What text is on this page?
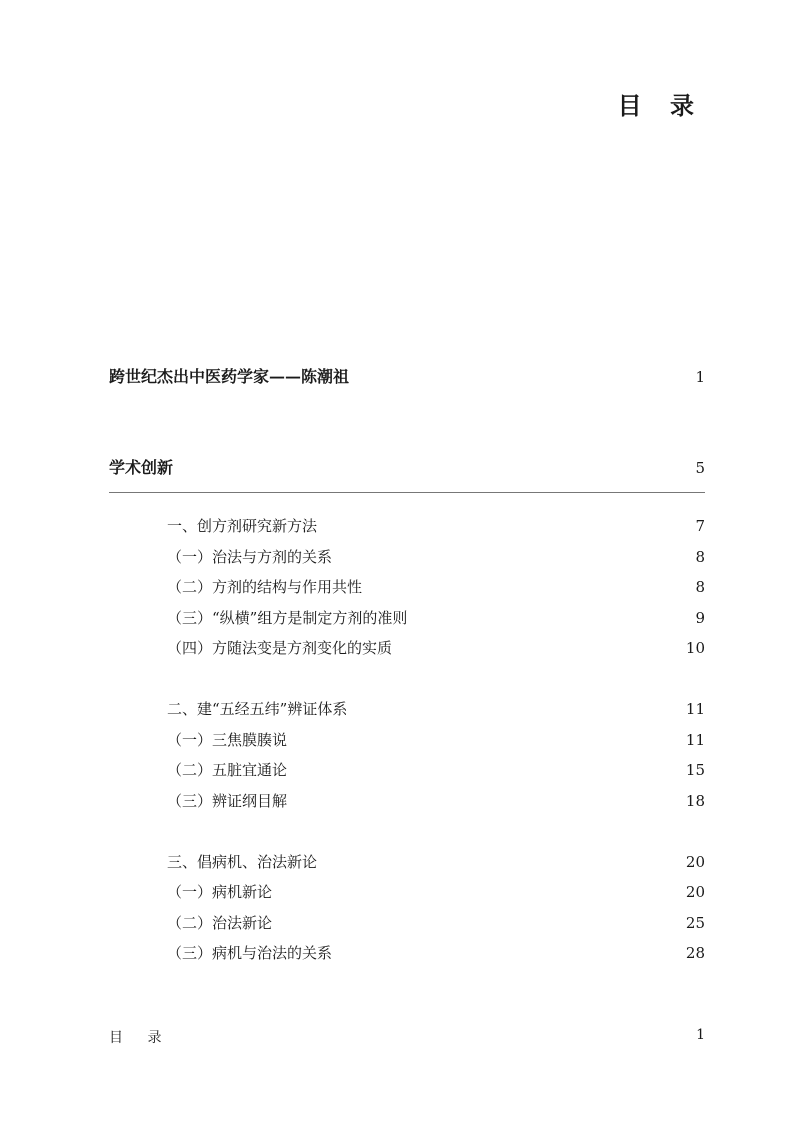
目 录
跨世纪杰出中医药学家——陈潮祖	1
学术创新	5
一、创方剂研究新方法	7
（一）治法与方剂的关系	8
（二）方剂的结构与作用共性	8
（三）“纵横”组方是制定方剂的准则	9
（四）方随法变是方剂变化的实质	10
二、建“五经五纬”辨证体系	11
（一）三焦膜腠说	11
（二）五脏宜通论	15
（三）辨证纲目解	18
三、倡病机、治法新论	20
（一）病机新论	20
（二）治法新论	25
（三）病机与治法的关系	28
目 录	1
